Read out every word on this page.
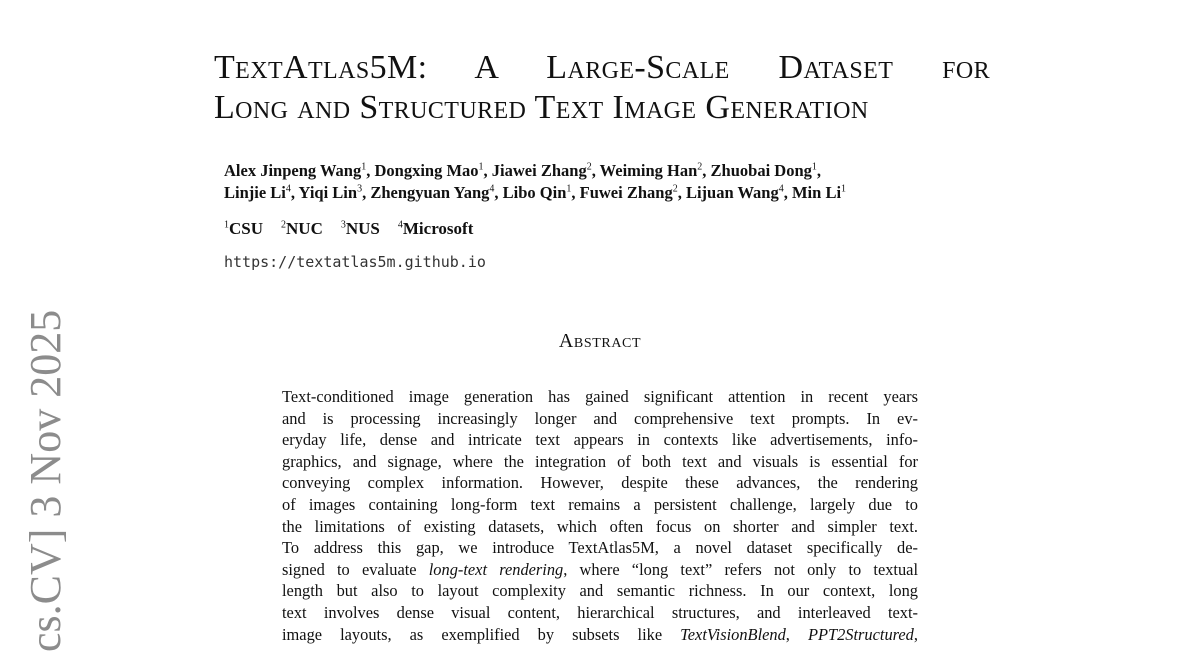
TextAtlas5M: A Large-Scale Dataset for
Long and Structured Text Image Generation
Alex Jinpeng Wang$^1$, Dongxing Mao$^1$, Jiawei Zhang$^2$, Weiming Han$^2$, Zhuobai Dong$^1$,
Linjie Li$^4$, Yiqi Lin$^3$, Zhengyuan Yang$^4$, Libo Qin$^1$, Fuwei Zhang$^2$, Lijuan Wang$^4$, Min Li$^1$
$^1$CSU $^2$NUC $^3$NUS $^4$Microsoft
https://textatlas5m.github.io
Abstract
Text-conditioned image generation has gained significant attention in recent years
and is processing increasingly longer and comprehensive text prompts. In ev-
eryday life, dense and intricate text appears in contexts like advertisements, info-
graphics, and signage, where the integration of both text and visuals is essential for
conveying complex information. However, despite these advances, the rendering
of images containing long-form text remains a persistent challenge, largely due to
the limitations of existing datasets, which often focus on shorter and simpler text.
To address this gap, we introduce TextAtlas5M, a novel dataset specifically de-
signed to evaluate long-text rendering, where “long text” refers not only to textual
length but also to layout complexity and semantic richness. In our context, long
text involves dense visual content, hierarchical structures, and interleaved text-
image layouts, as exemplified by subsets like TextVisionBlend, PPT2Structured,
cs.CV] 3 Nov 2025
